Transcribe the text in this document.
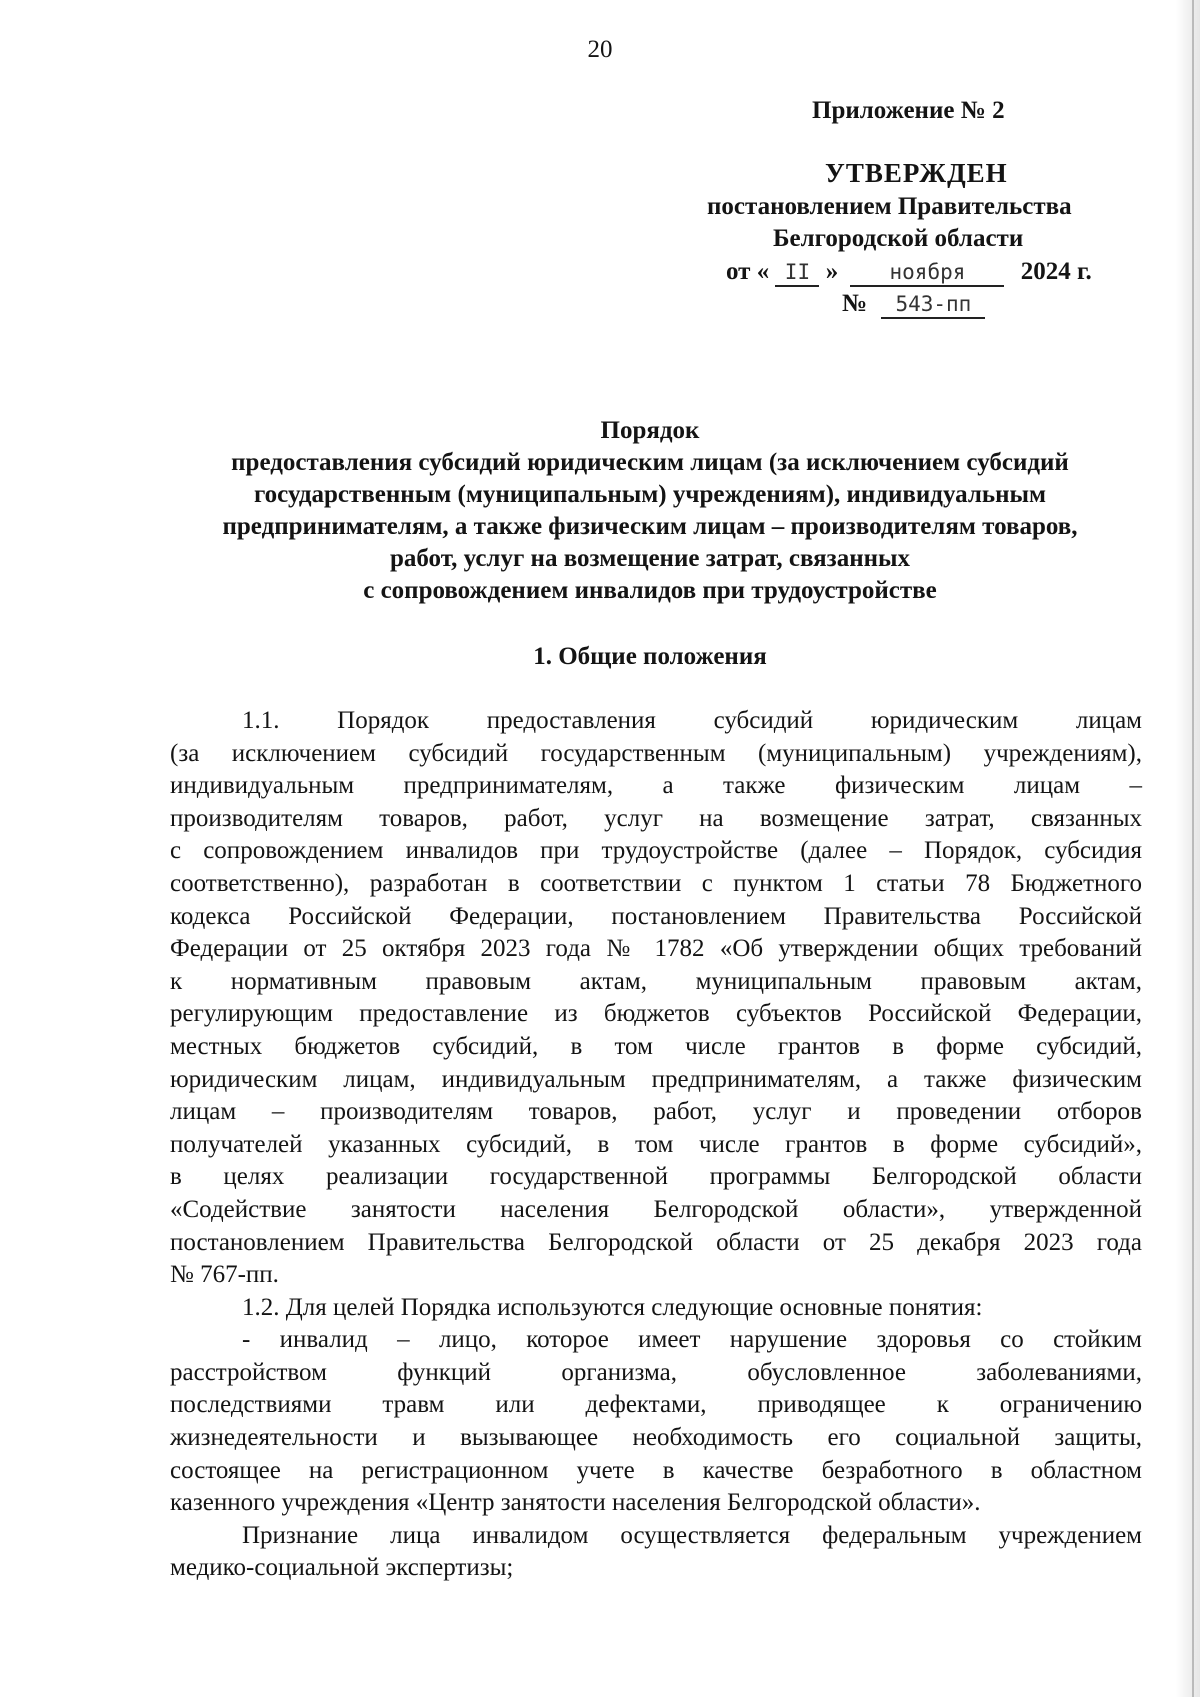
20
Приложение № 2
УТВЕРЖДЕН
постановлением Правительства
Белгородской области
от « II » ноября 2024 г.
№ 543-пп
Порядок
предоставления субсидий юридическим лицам (за исключением субсидий
государственным (муниципальным) учреждениям), индивидуальным
предпринимателям, а также физическим лицам – производителям товаров,
работ, услуг на возмещение затрат, связанных
с сопровождением инвалидов при трудоустройстве
1. Общие положения
1.1. Порядок предоставления субсидий юридическим лицам
(за исключением субсидий государственным (муниципальным) учреждениям),
индивидуальным предпринимателям, а также физическим лицам –
производителям товаров, работ, услуг на возмещение затрат, связанных
с сопровождением инвалидов при трудоустройстве (далее – Порядок, субсидия
соответственно), разработан в соответствии с пунктом 1 статьи 78 Бюджетного
кодекса Российской Федерации, постановлением Правительства Российской
Федерации от 25 октября 2023 года № 1782 «Об утверждении общих требований
к нормативным правовым актам, муниципальным правовым актам,
регулирующим предоставление из бюджетов субъектов Российской Федерации,
местных бюджетов субсидий, в том числе грантов в форме субсидий,
юридическим лицам, индивидуальным предпринимателям, а также физическим
лицам – производителям товаров, работ, услуг и проведении отборов
получателей указанных субсидий, в том числе грантов в форме субсидий»,
в целях реализации государственной программы Белгородской области
«Содействие занятости населения Белгородской области», утвержденной
постановлением Правительства Белгородской области от 25 декабря 2023 года
№ 767-пп.
1.2. Для целей Порядка используются следующие основные понятия:
- инвалид – лицо, которое имеет нарушение здоровья со стойким
расстройством функций организма, обусловленное заболеваниями,
последствиями травм или дефектами, приводящее к ограничению
жизнедеятельности и вызывающее необходимость его социальной защиты,
состоящее на регистрационном учете в качестве безработного в областном
казенного учреждения «Центр занятости населения Белгородской области».
Признание лица инвалидом осуществляется федеральным учреждением
медико-социальной экспертизы;
